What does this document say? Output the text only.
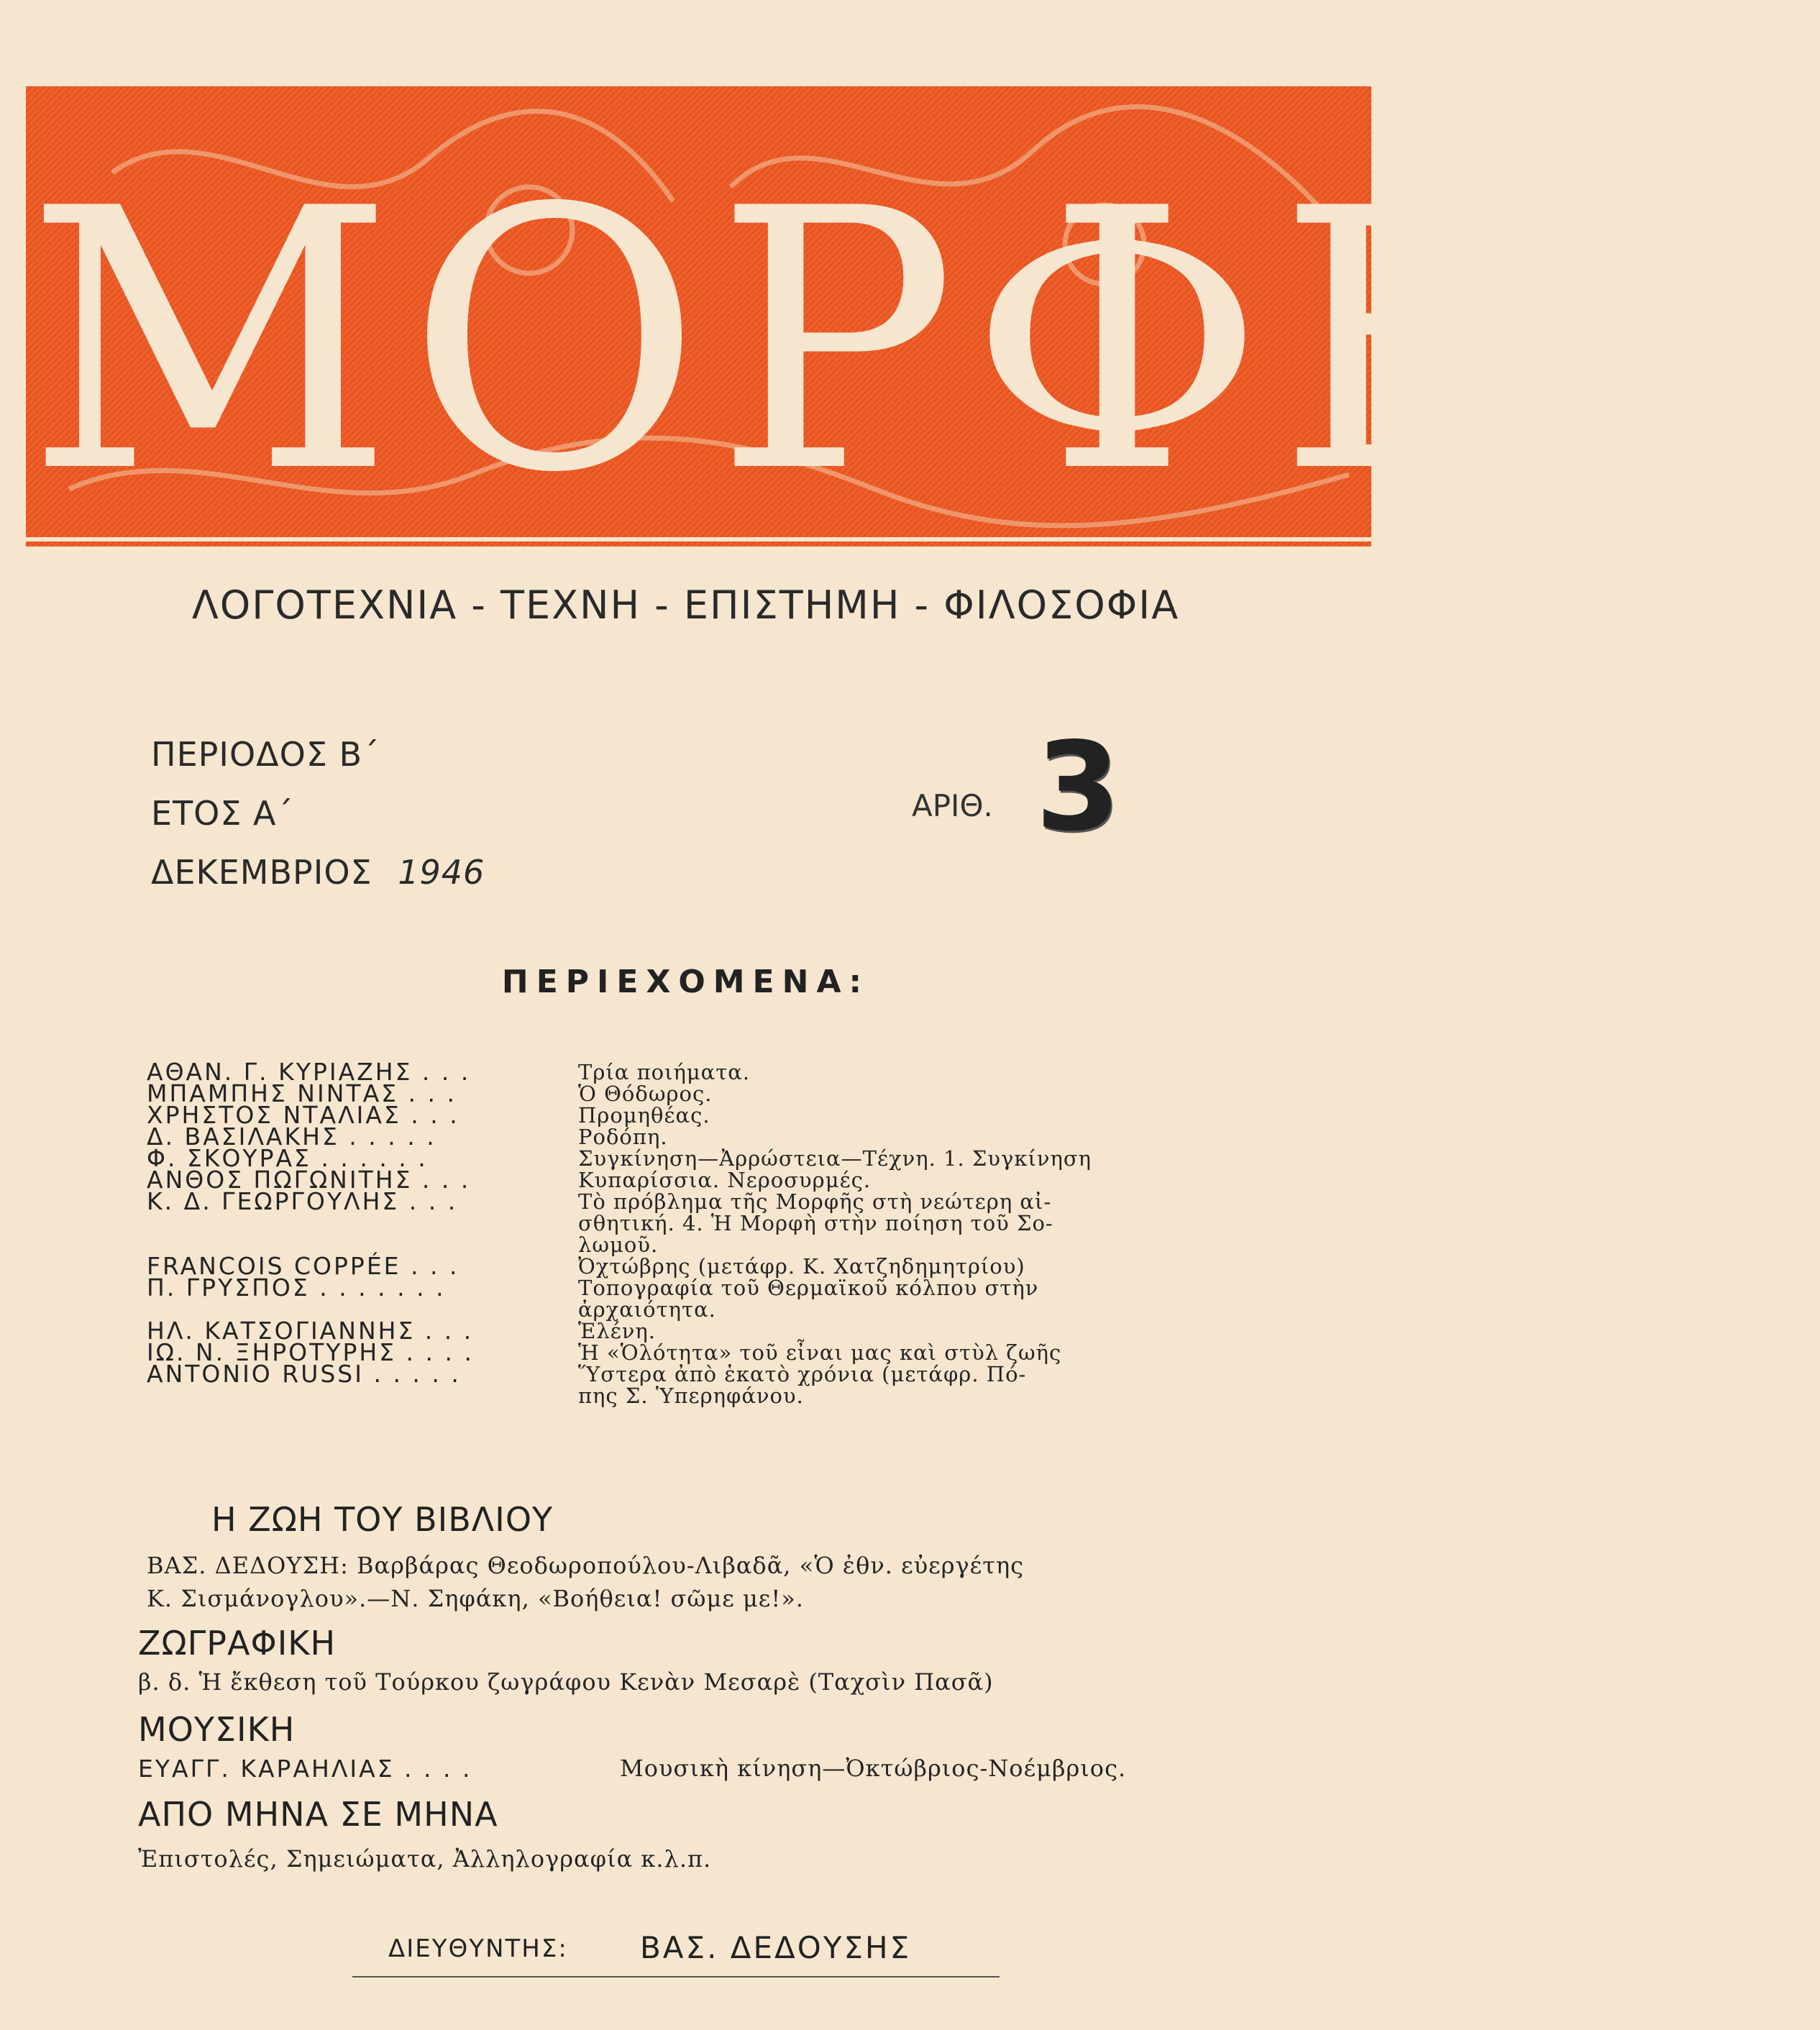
ΜΟΡΦΕΣ
ΛΟΓΟΤΕΧΝΙΑ - ΤΕΧΝΗ - ΕΠΙΣΤΗΜΗ - ΦΙΛΟΣΟΦΙΑ
ΠΕΡΙΟΔΟΣ Β΄
ΕΤΟΣ Α΄
ΔΕΚΕΜΒΡΙΟΣ 1946
ΑΡΙΘ. 3
ΠΕΡΙΕΧΟΜΕΝΑ:
ΑΘΑΝ. Γ. ΚΥΡΙΑΖΗΣ . . .	Τρία ποιήματα.
ΜΠΑΜΠΗΣ ΝΙΝΤΑΣ . . .	Ὁ Θόδωρος.
ΧΡΗΣΤΟΣ ΝΤΑΛΙΑΣ . . .	Προμηθέας.
Δ. ΒΑΣΙΛΑΚΗΣ . . . . .	Ροδόπη.
Φ. ΣΚΟΥΡΑΣ . . . . . .	Συγκίνηση—Ἀρρώστεια—Τέχνη. 1. Συγκίνηση
ΑΝΘΟΣ ΠΩΓΩΝΙΤΗΣ . . .	Κυπαρίσσια. Νεροσυρμές.
Κ. Δ. ΓΕΩΡΓΟΥΛΗΣ . . .	Τὸ πρόβλημα τῆς Μορφῆς στὴ νεώτερη αἰ-
σθητική. 4. Ἡ Μορφὴ στὴν ποίηση τοῦ Σο-
λωμοῦ.
FRANCOIS COPPÉE . . .	Ὀχτώβρης (μετάφρ. Κ. Χατζηδημητρίου)
Π. ΓΡΥΣΠΟΣ . . . . . . .	Τοπογραφία τοῦ Θερμαϊκοῦ κόλπου στὴν
ἀρχαιότητα.
ΗΛ. ΚΑΤΣΟΓΙΑΝΝΗΣ . . .	Ἑλένη.
ΙΩ. Ν. ΞΗΡΟΤΥΡΗΣ . . . .	Ἡ «Ὁλότητα» τοῦ εἶναι μας καὶ στὺλ ζωῆς
ANTONIO RUSSI . . . . .	Ὕστερα ἀπὸ ἑκατὸ χρόνια (μετάφρ. Πό-
πης Σ. Ὑπερηφάνου.
Η ΖΩΗ ΤΟΥ ΒΙΒΛΙΟΥ
ΒΑΣ. ΔΕΔΟΥΣΗ: Βαρβάρας Θεοδωροπούλου-Λιβαδᾶ, «Ὁ ἐθν. εὐεργέτης
Κ. Σισμάνογλου».—Ν. Σηφάκη, «Βοήθεια! σῶμε με!».
ΖΩΓΡΑΦΙΚΗ
β. δ. Ἡ ἔκθεση τοῦ Τούρκου ζωγράφου Κενὰν Μεσαρὲ (Ταχσὶν Πασᾶ)
ΜΟΥΣΙΚΗ
ΕΥΑΓΓ. ΚΑΡΑΗΛΙΑΣ . . . .	Μουσικὴ κίνηση—Ὀκτώβριος-Νοέμβριος.
ΑΠΟ ΜΗΝΑ ΣΕ ΜΗΝΑ
Ἐπιστολές, Σημειώματα, Ἀλληλογραφία κ.λ.π.
ΔΙΕΥΘΥΝΤΗΣ: ΒΑΣ. ΔΕΔΟΥΣΗΣ
